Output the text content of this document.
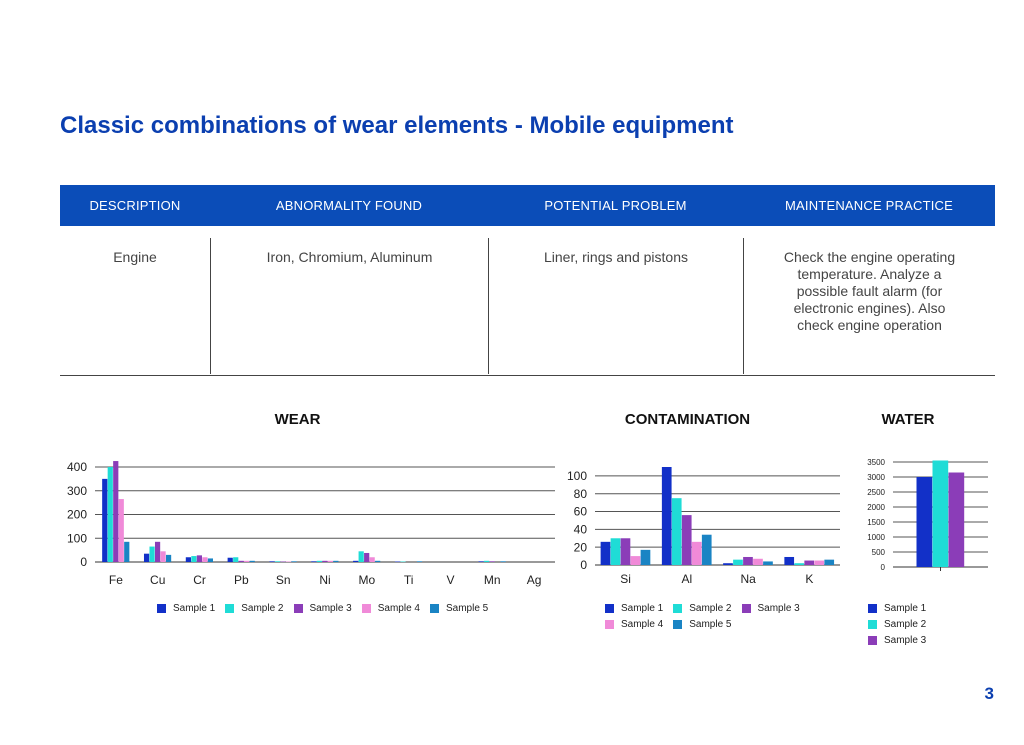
Classic combinations of wear elements - Mobile equipment
DESCRIPTION	ABNORMALITY FOUND	POTENTIAL PROBLEM	MAINTENANCE PRACTICE
Engine	Iron, Chromium, Aluminum	Liner, rings and pistons	Check the engine operating temperature. Analyze a possible fault alarm (for electronic engines). Also check engine operation
WEAR
0
100
200
300
400
Fe Cu Cr Pb Sn Ni Mo Ti	V Mn Ag
Sample 1	Sample 2	Sample 3	Sample 4	Sample 5
CONTAMINATION
0
20
40
60
80
100
Si	Al	Na	K
Sample 1	Sample 2	Sample 3
Sample 4	Sample 5
WATER
0
500
1000
1500
2000
2500
3000
3500
Sample 1
Sample 2
Sample 3
3
